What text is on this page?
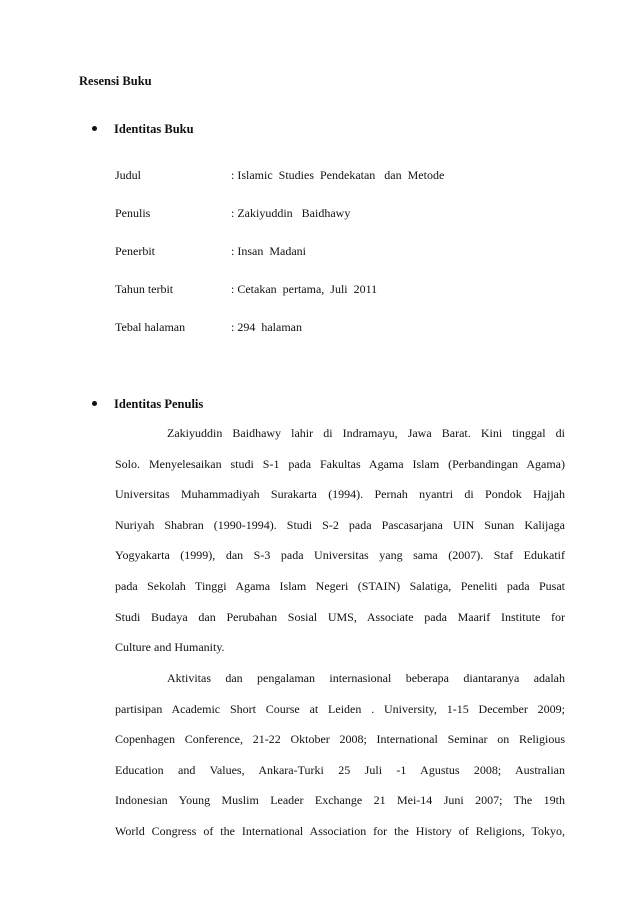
Resensi Buku
Identitas Buku
Judul	: Islamic  Studies  Pendekatan   dan  Metode
Penulis	: Zakiyuddin   Baidhawy
Penerbit	: Insan  Madani
Tahun terbit	: Cetakan  pertama,  Juli  2011
Tebal halaman	: 294  halaman
Identitas Penulis
Zakiyuddin Baidhawy lahir di Indramayu, Jawa Barat. Kini tinggal di
Solo. Menyelesaikan studi S-1 pada Fakultas Agama Islam (Perbandingan Agama)
Universitas Muhammadiyah Surakarta (1994). Pernah nyantri di Pondok Hajjah
Nuriyah Shabran (1990-1994). Studi S-2 pada Pascasarjana UIN Sunan Kalijaga
Yogyakarta (1999), dan S-3 pada Universitas yang sama (2007). Staf Edukatif
pada Sekolah Tinggi Agama Islam Negeri (STAIN) Salatiga, Peneliti pada Pusat
Studi Budaya dan Perubahan Sosial UMS, Associate pada Maarif Institute for
Culture and Humanity.
Aktivitas dan pengalaman internasional beberapa diantaranya adalah
partisipan Academic Short Course at Leiden . University, 1-15 December 2009;
Copenhagen Conference, 21-22 Oktober 2008; International Seminar on Religious
Education and Values, Ankara-Turki 25 Juli -1 Agustus 2008; Australian
Indonesian Young Muslim Leader Exchange 21 Mei-14 Juni 2007; The 19th
World Congress of the International Association for the History of Religions, Tokyo,
